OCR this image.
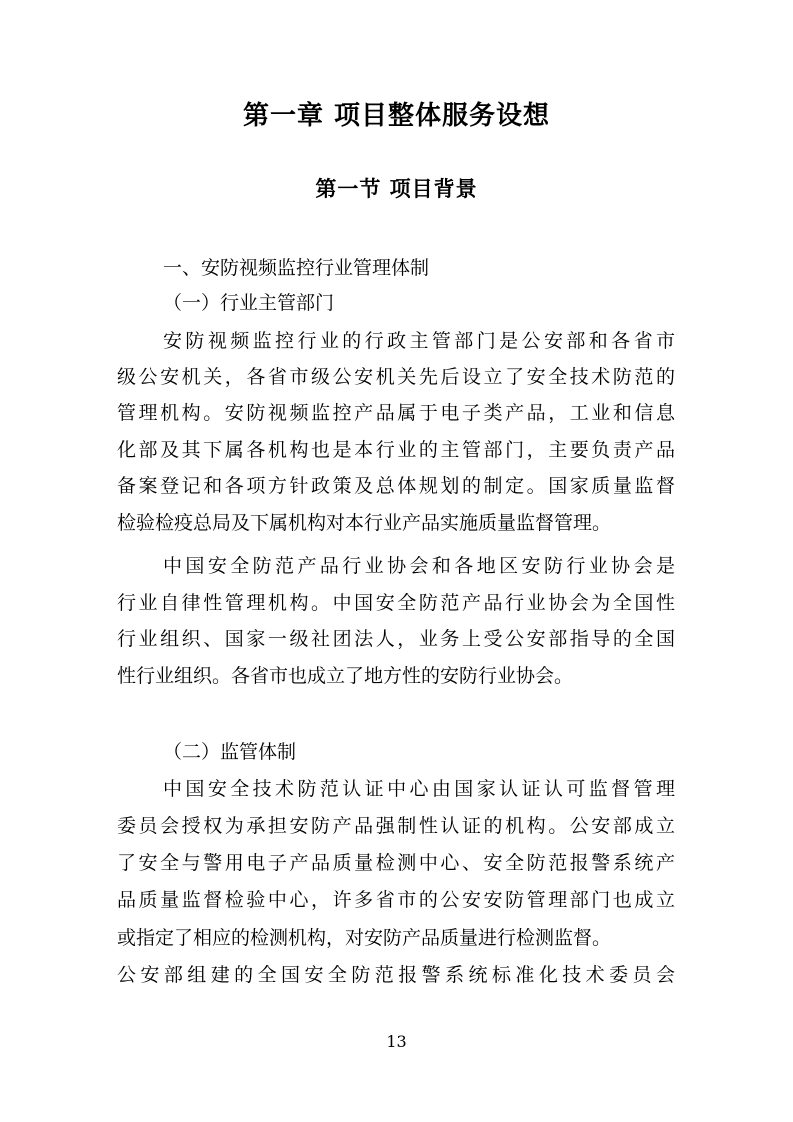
第一章 项目整体服务设想
第一节 项目背景
一、安防视频监控行业管理体制
（一）行业主管部门
安防视频监控行业的行政主管部门是公安部和各省市
级公安机关，各省市级公安机关先后设立了安全技术防范的
管理机构。安防视频监控产品属于电子类产品，工业和信息
化部及其下属各机构也是本行业的主管部门，主要负责产品
备案登记和各项方针政策及总体规划的制定。国家质量监督
检验检疫总局及下属机构对本行业产品实施质量监督管理。
中国安全防范产品行业协会和各地区安防行业协会是
行业自律性管理机构。中国安全防范产品行业协会为全国性
行业组织、国家一级社团法人，业务上受公安部指导的全国
性行业组织。各省市也成立了地方性的安防行业协会。
（二）监管体制
中国安全技术防范认证中心由国家认证认可监督管理
委员会授权为承担安防产品强制性认证的机构。公安部成立
了安全与警用电子产品质量检测中心、安全防范报警系统产
品质量监督检验中心，许多省市的公安安防管理部门也成立
或指定了相应的检测机构，对安防产品质量进行检测监督。
公安部组建的全国安全防范报警系统标准化技术委员会
13
